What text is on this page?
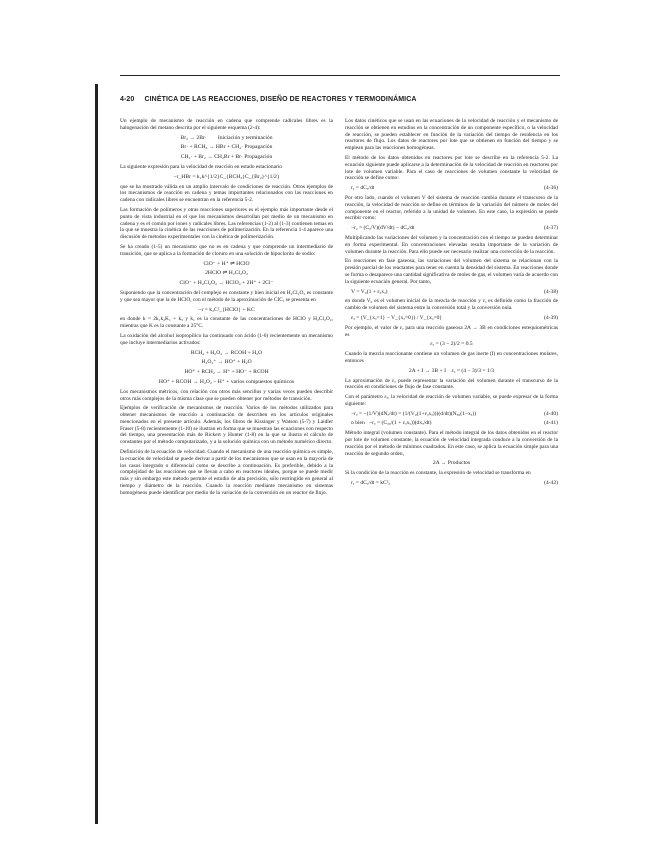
4-20 CINÉTICA DE LAS REACCIONES, DISEÑO DE REACTORES Y TERMODINÁMICA

Un ejemplo de mecanismo de reacción en cadena que comprende radicales libres es la halogenación del metano descrita por el siguiente esquema (2-4):

Br₂ → 2Br·        Iniciación y terminación
Br· + RCH₃ → HBr + CH₂· Propagación
CH₂· + Br₂ → CH₂Br + Br· Propagación

La siguiente expresión para la velocidad de reacción en estado estacionario

−r_HBr = k₁k^{1/2}C_{RCH₃}C_{Br₂}^{1/2}

que se ha mostrado válida en un amplio intervalo de condiciones de reacción. Otros ejemplos de los mecanismos de reacción en cadena y temas importantes relacionados con las reacciones en cadena con radicales libres se encuentran en la referencia 5-2.

Las formación de polímeros y otras reacciones superiores es el ejemplo más importante desde el punto de vista industrial en el que los mecanismos desarrollan por medio de un mecanismo en cadena y es el común por iones y radicales libres. Las referencias (1-2) al (1-3) contienen temas en la que se muestra la cinética de las reacciones de polimerización. En la referencia 1-4 aparece una discusión de métodos experimentales con la cinética de polimerización.

Se ha creado (1-5) un mecanismo que no es en cadena y que comprende un intermediario de transición, que se aplica a la formación de cloruro en una solución de hipoclorito de sodio:

ClO⁻ + H⁺ ⇌ HClO
2HClO ⇌ H₂Cl₂O₂
ClO⁻ + H₂Cl₂O₂ → HClO₂ + 2H⁺ + 2Cl⁻

Suponiendo que la concentración del complejo es constante y bien inicial en H₂Cl₂O₂ es constante y que sea mayor que la de HClO, con el método de la aproximación de CIC, se presenta en

−r = k₂C²_{HClO} + KC

en donde k = 2k₁k₂K₁ + k₃ y k₁ es la constante de las concentraciones de HClO y H₂Cl₂O₂, mientras que K es la constante a 25°C.

La oxidación del alcohol isopropílico ha continuado con ácido (1-6) recientemente un mecanismo que incluye intermediarios activados:

RCH₂ + H₂O₂ → RCOH + H₂O
H₂O₂⁺ → HO⁺ + H₂O
HO⁺ + RCH₂ → H⁺ + HO⁻ + RCOH
HO⁺ + RCOH → H₂O₂ − H⁺ + varios compuestos químicos

Los mecanismos métricos, con relación con otros más sencillos y varias veces pueden describir otros más complejos de la misma clase que se pueden obtener por métodos de transición.

Ejemplos de verificación de mecanismos de reacción. Varios de los métodos utilizados para obtener mecanismos de reacción a continuación de describen en los artículos originales mencionados en el presente artículo. Además, los libros de Kissinger y Watson (5-7) y Laidler Fraser (5-8) recientemente (1-10) se ilustran en forma que se muestran las ecuaciones con respecto del tiempo, una presentación más de Rickert y Hunter (1-8) en la que se ilustra el cálculo de constantes por el método computarizado, y a la solución química con un método numérico directo.

Definición de la ecuación de velocidad. Cuando el mecanismo de una reacción química es simple, la ecuación de velocidad se puede derivar a partir de los mecanismos que se usan en la mayoría de los casos integrado o diferencial como se describe a continuación. Es preferible, debido a la complejidad de las reacciones que se llevan a cabo en reactores ideales, porque se puede medir más y sin embargo este método permite el estudio de alta precisión, sólo restringido en general al tiempo y diámetro de la reacción. Cuando la reacción mediante mecanismo en sistemas homogéneos puede identificar por medio de la variación de la conversión en un reactor de flujo.

Los datos cinéticos que se usan en las ecuaciones de la velocidad de reacción y el mecanismo de reacción se obtienen en estudios en la concentración de un componente específico, o la velocidad de reacción, se pueden establecer en función de la variación del tiempo de residencia en los reactores de flujo. Los datos de reactores por lote que se obtienen en función del tiempo y se emplean para las reacciones homogéneas.

El método de los datos obtenidos en reactores por lote se describe en la referencia 5-2. La ecuación siguiente puede aplicarse a la determinación de la velocidad de reacción en reactores por lote de volumen variable. Para el caso de reacciones de volumen constante la velocidad de reacción se define como:

rₐ = dCₐ/dt	(4-36)

Por otro lado, cuando el volumen V del sistema de reacción cambia durante el transcurso de la reacción, la velocidad de reacción se define en términos de la variación del número de moles del componente en el reactor, referido a la unidad de volumen. En este caso, la expresión se puede escribir como:

−rₐ = (Cₐ/V)(dV/dt) − dCₐ/dt	(4-37)

Multiplicando las variaciones del volumen y la concentración con el tiempo se pueden determinar en forma experimental. En concentraciones elevadas resulta importante de la variación de volumen durante la reacción. Para ello puede ser necesario realizar una corrección de la reacción.

En reacciones en fase gaseosa, las variaciones del volumen del sistema se relacionan con la presión parcial de los reactantes para tener en cuenta la densidad del sistema. En reacciones donde se forma o desaparece una cantidad significativa de moles de gas, el volumen varía de acuerdo con la siguiente ecuación general. Por tanto,

V = V₀(1 + εₐxₐ)	(4-38)

en donde V₀ es el volumen inicial de la mezcla de reacción y εₐ es definido como la fracción de cambio de volumen del sistema entre la conversión total y la conversión nula.

εₐ = (V_{xₐ=1} − V_{xₐ=0}) / V_{xₐ=0}	(4-39)

Por ejemplo, el valor de εₐ para una reacción gaseosa 2A → 3B en condiciones estequiométricas es

εₐ = (3 − 2)/2 = 0.5

Cuando la mezcla reaccionante contiene un volumen de gas inerte (I) en concentraciones molares, entonces

2A + I → 3B + I    εₐ = (4 − 3)/3 = 1/3

La aproximación de εₐ puede representar la variación del volumen durante el transcurso de la reacción en condiciones de flujo de fase constante.

Con el parámetro εₐ, la velocidad de reacción de volumen variable, se puede expresar de la forma siguiente:

−rₐ = −(1/V)(dNₐ/dt) = (1/(V₀(1+εₐxₐ)))(d/dt)(Nₐ₀(1−xₐ))	(4-40)
o bien   −rₐ = (Cₐ₀/(1 + εₐxₐ))(dxₐ/dt)	(4-41)

Método integral (volumen constante). Para el método integral de los datos obtenidos en el reactor por lote de volumen constante, la ecuación de velocidad integrada conduce a la conversión de la reacción por el método de mínimos cuadrados. En este caso, se aplica la ecuación simple para una reacción de segundo orden,

2A → Productos

Si la condición de la reacción es constante, la expresión de velocidad se transforma en

rₐ = dCₐ/dt = kC²ₐ	(4-42)
